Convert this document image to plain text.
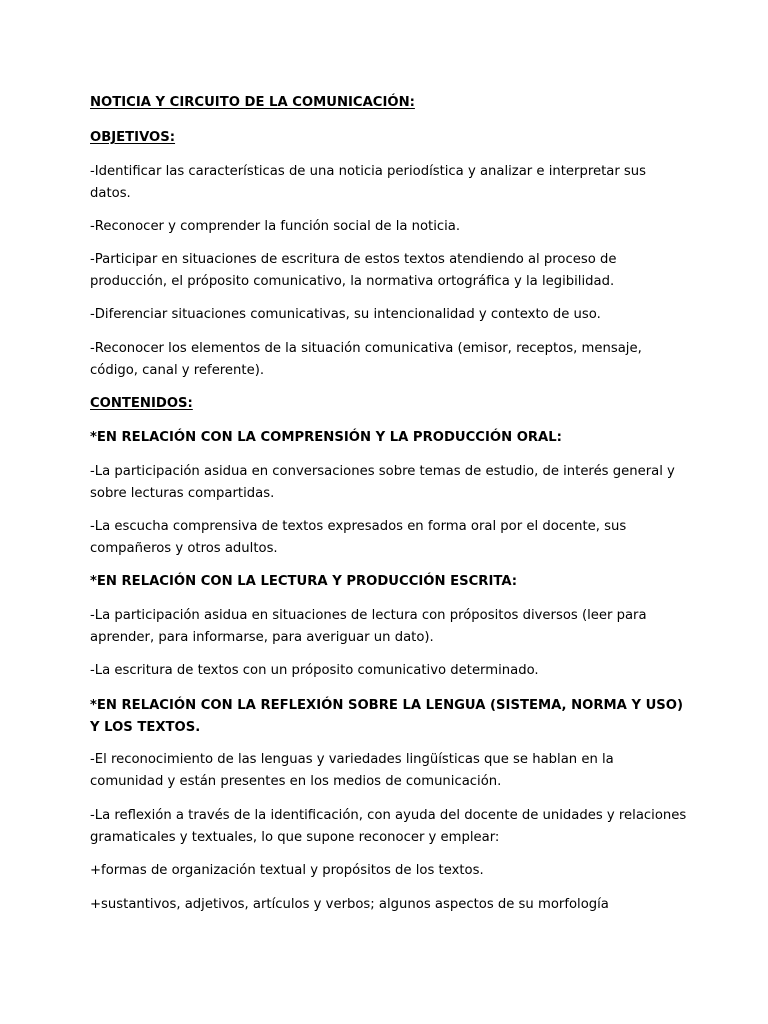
NOTICIA Y CIRCUITO DE LA COMUNICACIÓN:

OBJETIVOS:

-Identificar las características de una noticia periodística y analizar e interpretar sus datos.

-Reconocer y comprender la función social de la noticia.

-Participar en situaciones de escritura de estos textos atendiendo al proceso de producción, el próposito comunicativo, la normativa ortográfica y la legibilidad.

-Diferenciar situaciones comunicativas, su intencionalidad y contexto de uso.

-Reconocer los elementos de la situación comunicativa (emisor, receptos, mensaje, código, canal y referente).

CONTENIDOS:

*EN RELACIÓN CON LA COMPRENSIÓN Y LA PRODUCCIÓN ORAL:

-La participación asidua en conversaciones sobre temas de estudio, de interés general y sobre lecturas compartidas.

-La escucha comprensiva de textos expresados en forma oral por el docente, sus compañeros y otros adultos.

*EN RELACIÓN CON LA LECTURA Y PRODUCCIÓN ESCRITA:

-La participación asidua en situaciones de lectura con própositos diversos (leer para aprender, para informarse, para averiguar un dato).

-La escritura de textos con un próposito comunicativo determinado.

*EN RELACIÓN CON LA REFLEXIÓN SOBRE LA LENGUA (SISTEMA, NORMA Y USO) Y LOS TEXTOS.

-El reconocimiento de las lenguas y variedades lingüísticas que se hablan en la comunidad y están presentes en los medios de comunicación.

-La reflexión a través de la identificación, con ayuda del docente de unidades y relaciones gramaticales y textuales, lo que supone reconocer y emplear:

+formas de organización textual y propósitos de los textos.

+sustantivos, adjetivos, artículos y verbos; algunos aspectos de su morfología
